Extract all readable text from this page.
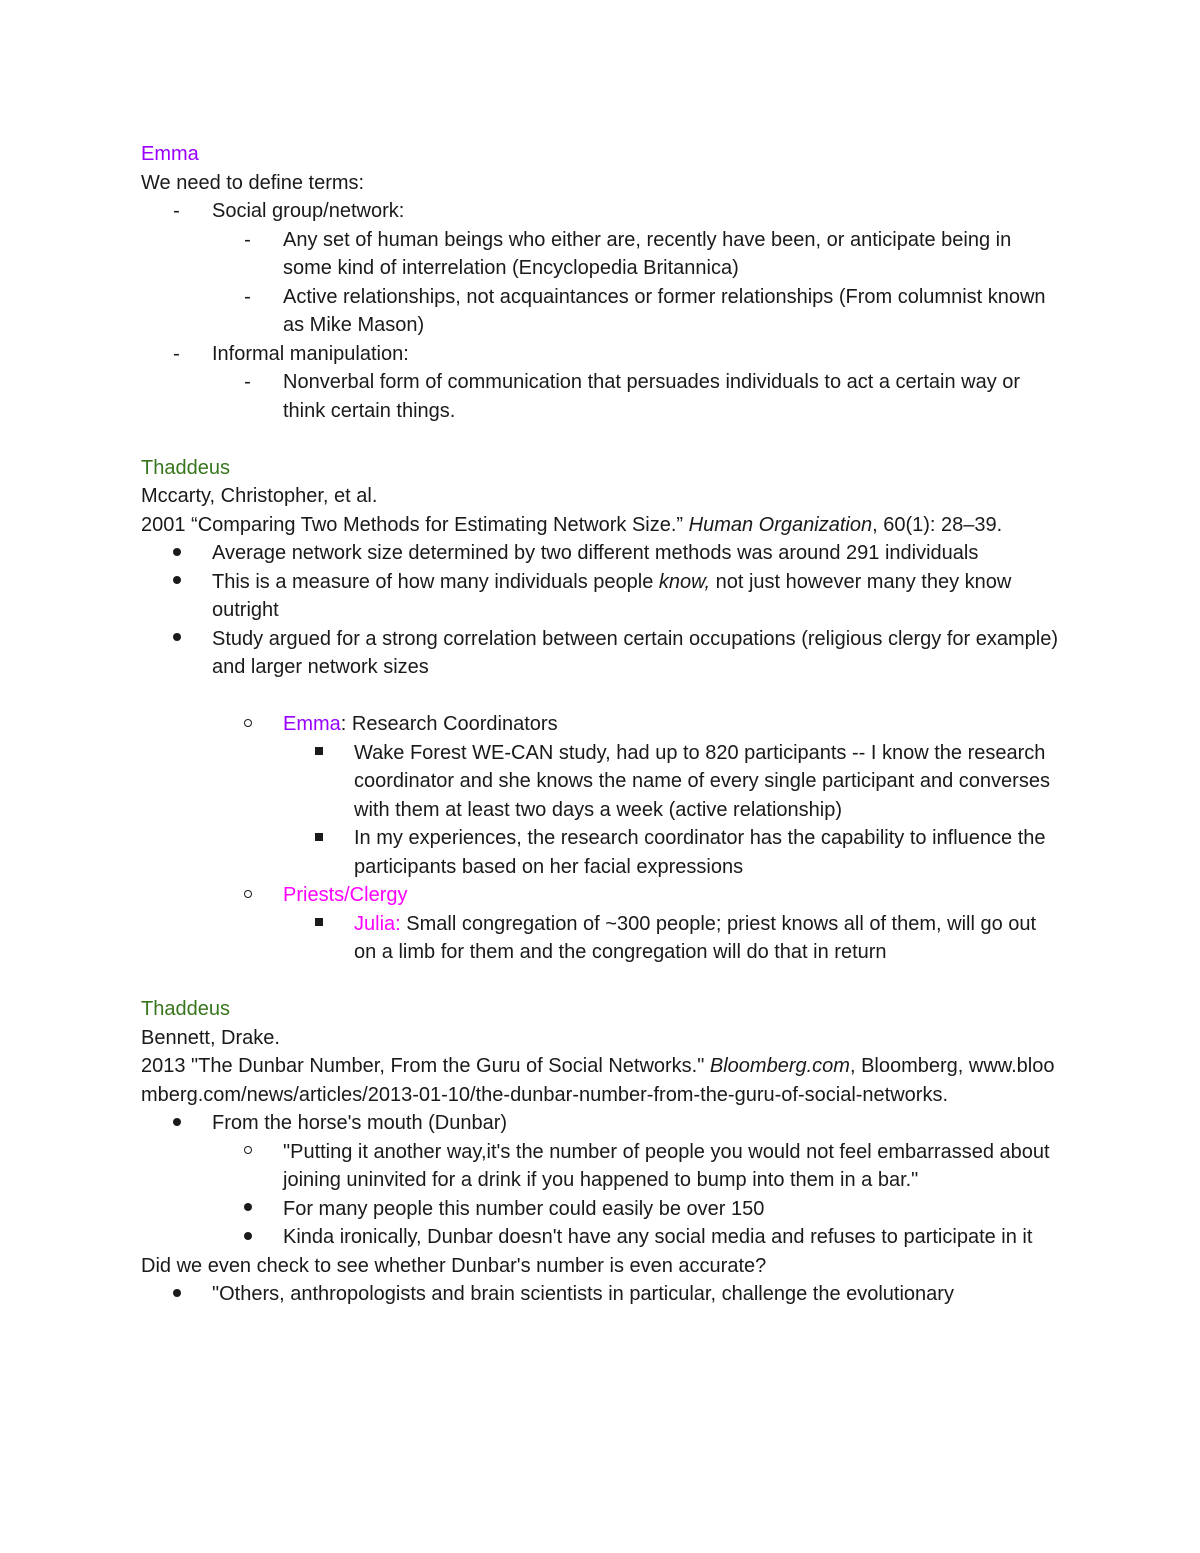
Emma
We need to define terms:
-
Social group/network:
-
Any set of human beings who either are, recently have been, or anticipate being in some kind of interrelation (Encyclopedia Britannica)
-
Active relationships, not acquaintances or former relationships (From columnist known as Mike Mason)
-
Informal manipulation:
-
Nonverbal form of communication that persuades individuals to act a certain way or think certain things.
Thaddeus
Mccarty, Christopher, et al.
2001 “Comparing Two Methods for Estimating Network Size.” Human Organization, 60(1): 28–39.
Average network size determined by two different methods was around 291 individuals
This is a measure of how many individuals people know, not just however many they know outright
Study argued for a strong correlation between certain occupations (religious clergy for example) and larger network sizes
Emma: Research Coordinators
Wake Forest WE-CAN study, had up to 820 participants -- I know the research coordinator and she knows the name of every single participant and converses with them at least two days a week (active relationship)
In my experiences, the research coordinator has the capability to influence the participants based on her facial expressions
Priests/Clergy
Julia: Small congregation of ~300 people; priest knows all of them, will go out on a limb for them and the congregation will do that in return
Thaddeus
Bennett, Drake.
2013 "The Dunbar Number, From the Guru of Social Networks." Bloomberg.com, Bloomberg, www.bloomberg.com/news/articles/2013-01-10/the-dunbar-number-from-the-guru-of-social-networks.
From the horse's mouth (Dunbar)
"Putting it another way,it's the number of people you would not feel embarrassed about joining uninvited for a drink if you happened to bump into them in a bar."
For many people this number could easily be over 150
Kinda ironically, Dunbar doesn't have any social media and refuses to participate in it
Did we even check to see whether Dunbar's number is even accurate?
"Others, anthropologists and brain scientists in particular, challenge the evolutionary
